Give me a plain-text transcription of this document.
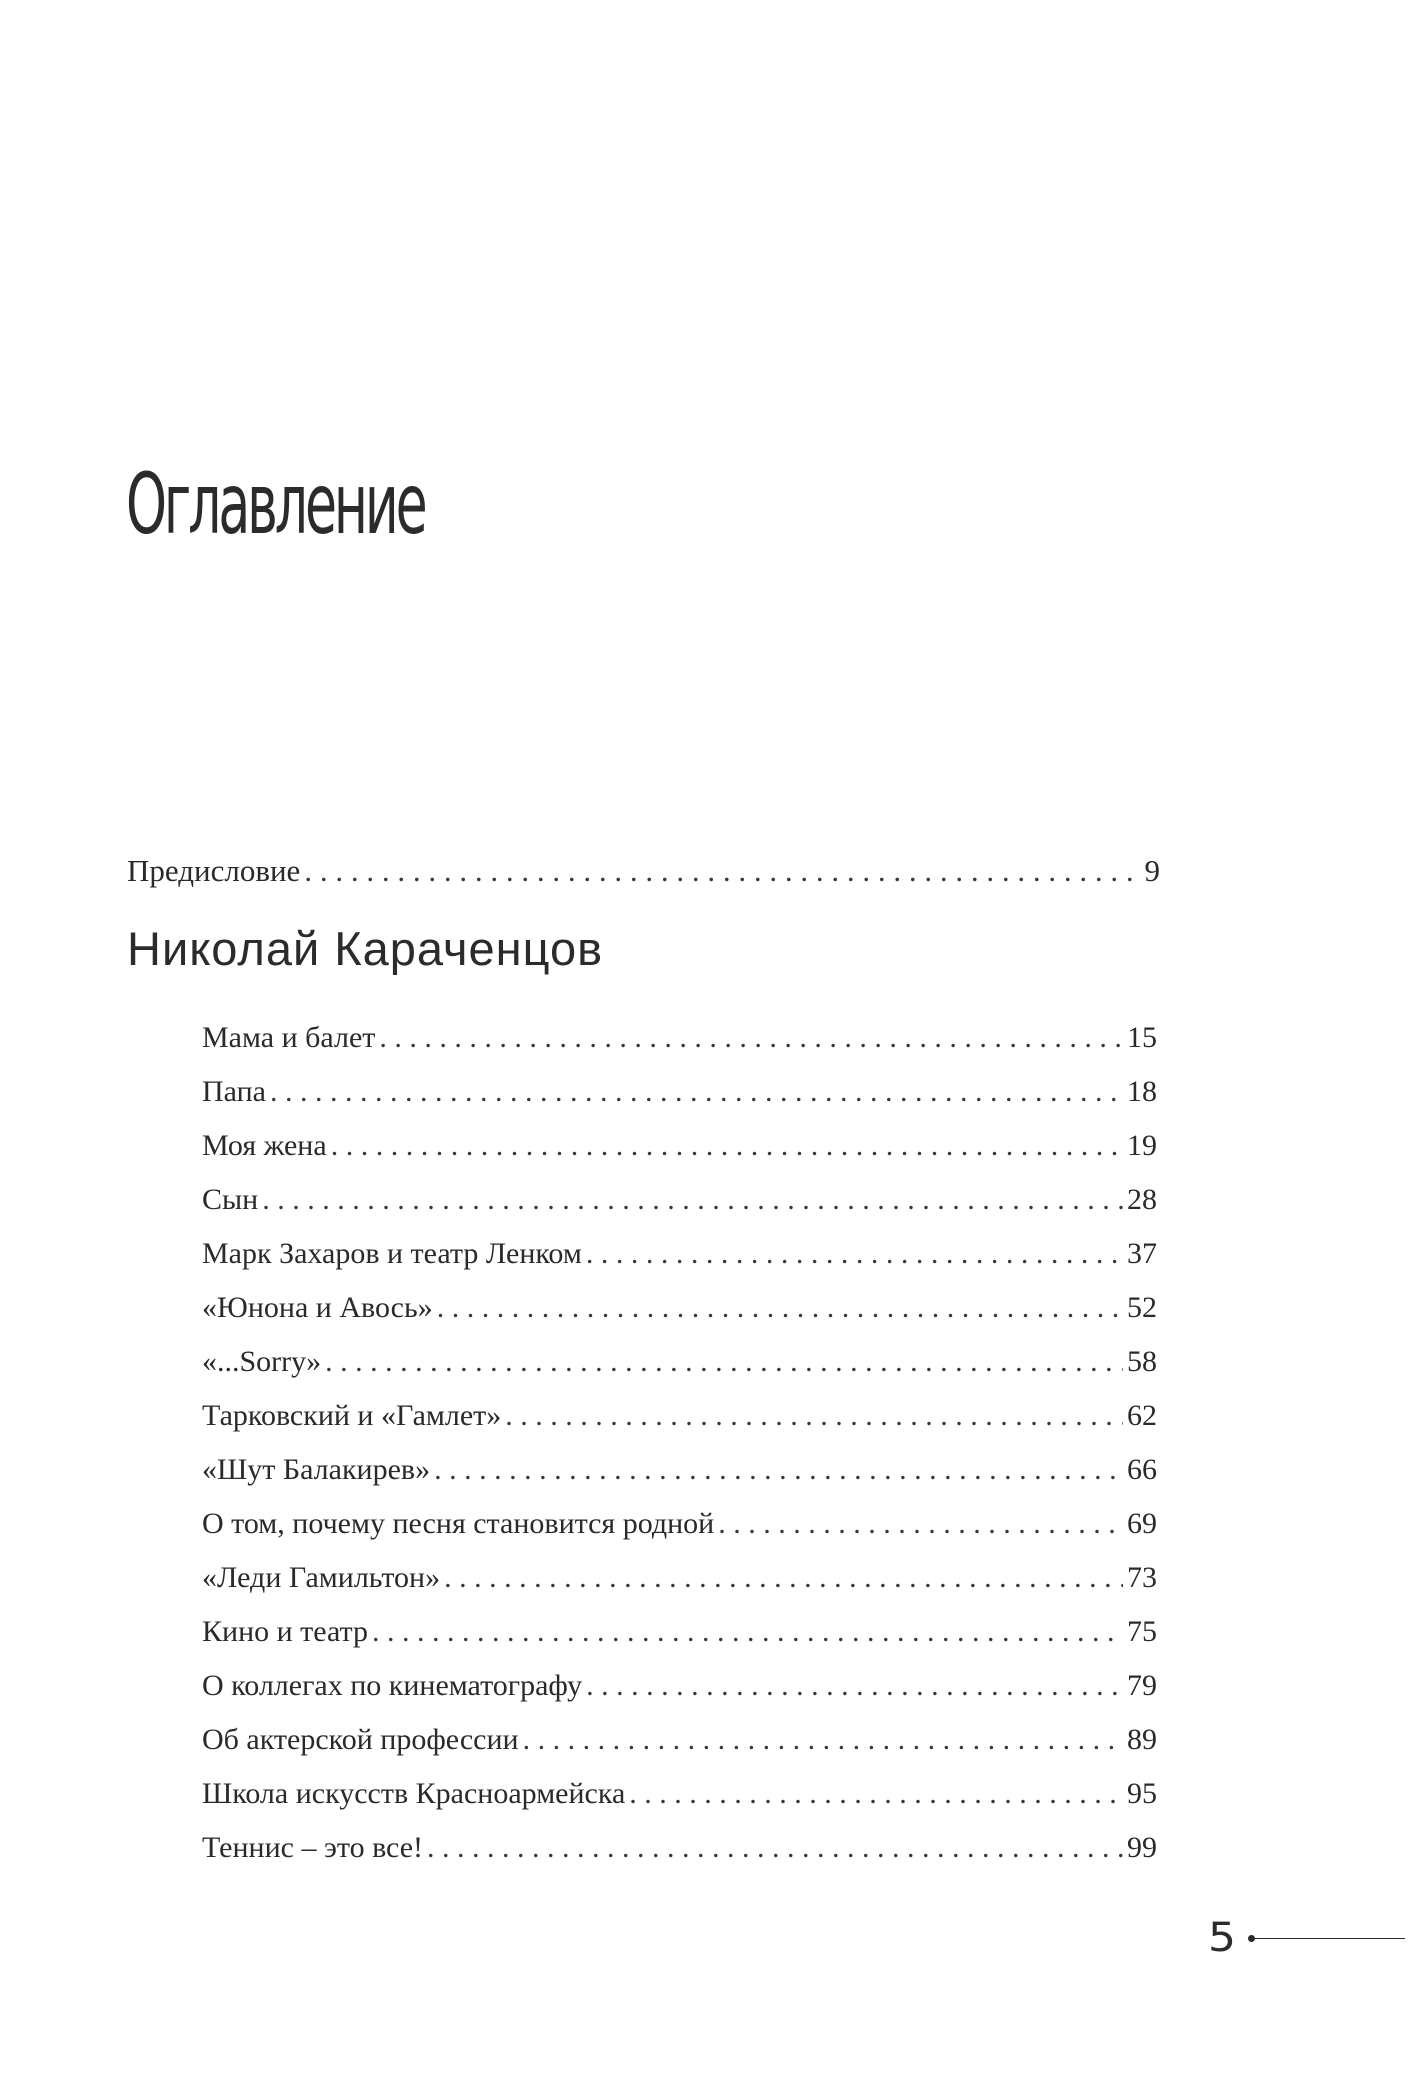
Оглавление
Предисловие . . .	9
Николай Караченцов
Мама и балет . . .	15
Папа . . .	18
Моя жена . . .	19
Сын . . .	28
Марк Захаров и театр Ленком . . .	37
«Юнона и Авось» . . .	52
«...Sorry» . . .	58
Тарковский и «Гамлет» . . .	62
«Шут Балакирев» . . .	66
О том, почему песня становится родной . . .	69
«Леди Гамильтон» . . .	73
Кино и театр . . .	75
О коллегах по кинематографу . . .	79
Об актерской профессии . . .	89
Школа искусств Красноармейска . . .	95
Теннис – это все! . . .	99
5
